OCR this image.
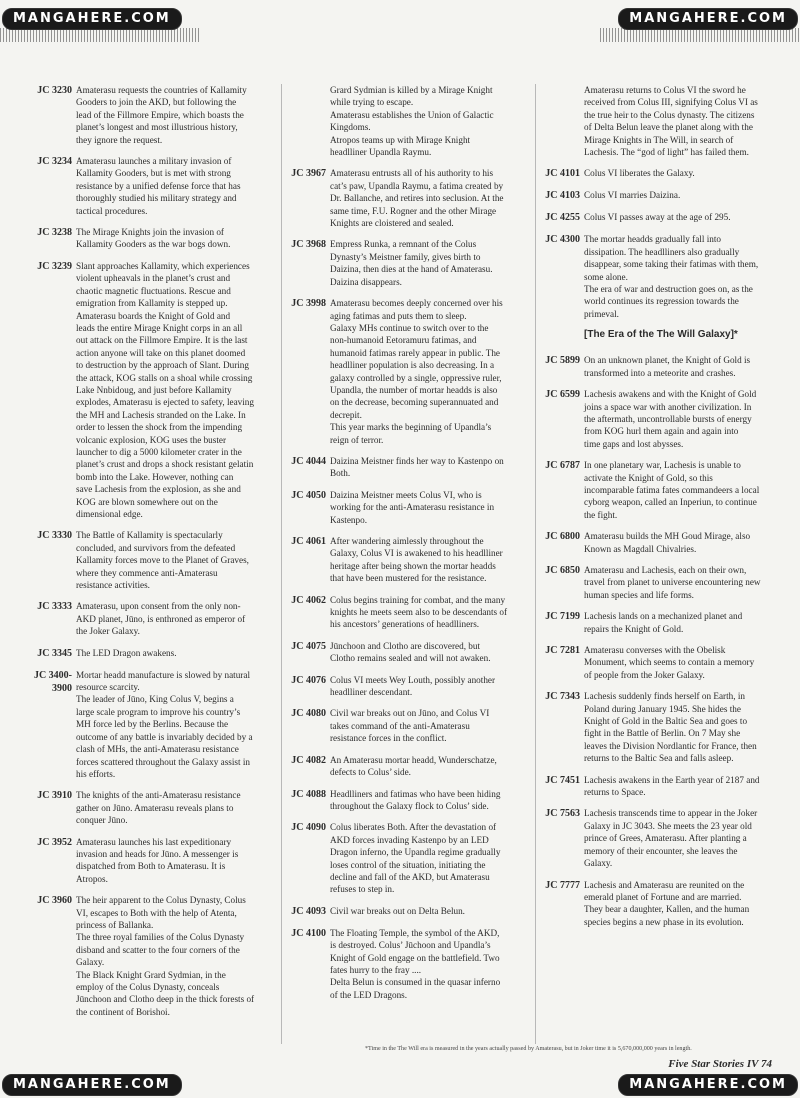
MANGAHERE.COM	MANGAHERE.COM
MANGAHERE.COM	MANGAHERE.COM
JC 3230 Amaterasu requests the countries of Kallamity
Gooders to join the AKD, but following the
lead of the Fillmore Empire, which boasts the
planet’s longest and most illustrious history,
they ignore the request.
JC 3234 Amaterasu launches a military invasion of
Kallamity Gooders, but is met with strong
resistance by a unified defense force that has
thoroughly studied his military strategy and
tactical procedures.
JC 3238 The Mirage Knights join the invasion of
Kallamity Gooders as the war bogs down.
JC 3239 Slant approaches Kallamity, which experiences
violent upheavals in the planet’s crust and
chaotic magnetic fluctuations. Rescue and
emigration from Kallamity is stepped up.
Amaterasu boards the Knight of Gold and
leads the entire Mirage Knight corps in an all
out attack on the Fillmore Empire. It is the last
action anyone will take on this planet doomed
to destruction by the approach of Slant. During
the attack, KOG stalls on a shoal while crossing
Lake Nnbidoug, and just before Kallamity
explodes, Amaterasu is ejected to safety, leaving
the MH and Lachesis stranded on the Lake. In
order to lessen the shock from the impending
volcanic explosion, KOG uses the buster
launcher to dig a 5000 kilometer crater in the
planet’s crust and drops a shock resistant gelatin
bomb into the Lake. However, nothing can
save Lachesis from the explosion, as she and
KOG are blown somewhere out on the
dimensional edge.
JC 3330 The Battle of Kallamity is spectacularly
concluded, and survivors from the defeated
Kallamity forces move to the Planet of Graves,
where they commence anti-Amaterasu
resistance activities.
JC 3333 Amaterasu, upon consent from the only non-
AKD planet, Jūno, is enthroned as emperor of
the Joker Galaxy.
JC 3345 The LED Dragon awakens.
JC 3400-
3900
Mortar headd manufacture is slowed by natural
resource scarcity.
The leader of Jūno, King Colus V, begins a
large scale program to improve his country’s
MH force led by the Berlins. Because the
outcome of any battle is invariably decided by a
clash of MHs, the anti-Amaterasu resistance
forces scattered throughout the Galaxy assist in
his efforts.
JC 3910 The knights of the anti-Amaterasu resistance
gather on Jūno. Amaterasu reveals plans to
conquer Jūno.
JC 3952 Amaterasu launches his last expeditionary
invasion and heads for Jūno. A messenger is
dispatched from Both to Amaterasu. It is
Atropos.
JC 3960 The heir apparent to the Colus Dynasty, Colus
VI, escapes to Both with the help of Atenta,
princess of Ballanka.
The three royal families of the Colus Dynasty
disband and scatter to the four corners of the
Galaxy.
The Black Knight Grard Sydmian, in the
employ of the Colus Dynasty, conceals
Jūnchoon and Clotho deep in the thick forests of
the continent of Borishoi.
Grard Sydmian is killed by a Mirage Knight
while trying to escape.
Amaterasu establishes the Union of Galactic
Kingdoms.
Atropos teams up with Mirage Knight
headlliner Upandla Raymu.
JC 3967 Amaterasu entrusts all of his authority to his
cat’s paw, Upandla Raymu, a fatima created by
Dr. Ballanche, and retires into seclusion. At the
same time, F.U. Rogner and the other Mirage
Knights are cloistered and sealed.
JC 3968 Empress Runka, a remnant of the Colus
Dynasty’s Meistner family, gives birth to
Daizina, then dies at the hand of Amaterasu.
Daizina disappears.
JC 3998 Amaterasu becomes deeply concerned over his
aging fatimas and puts them to sleep.
Galaxy MHs continue to switch over to the
non-humanoid Eetoramuru fatimas, and
humanoid fatimas rarely appear in public. The
headlliner population is also decreasing. In a
galaxy controlled by a single, oppressive ruler,
Upandla, the number of mortar headds is also
on the decrease, becoming superannuated and
decrepit.
This year marks the beginning of Upandla’s
reign of terror.
JC 4044 Daizina Meistner finds her way to Kastenpo on
Both.
JC 4050 Daizina Meistner meets Colus VI, who is
working for the anti-Amaterasu resistance in
Kastenpo.
JC 4061 After wandering aimlessly throughout the
Galaxy, Colus VI is awakened to his headlliner
heritage after being shown the mortar headds
that have been mustered for the resistance.
JC 4062 Colus begins training for combat, and the many
knights he meets seem also to be descendants of
his ancestors’ generations of headlliners.
JC 4075 Jūnchoon and Clotho are discovered, but
Clotho remains sealed and will not awaken.
JC 4076 Colus VI meets Wey Louth, possibly another
headlliner descendant.
JC 4080 Civil war breaks out on Jūno, and Colus VI
takes command of the anti-Amaterasu
resistance forces in the conflict.
JC 4082 An Amaterasu mortar headd, Wunderschatze,
defects to Colus’ side.
JC 4088 Headlliners and fatimas who have been hiding
throughout the Galaxy flock to Colus’ side.
JC 4090 Colus liberates Both. After the devastation of
AKD forces invading Kastenpo by an LED
Dragon inferno, the Upandla regime gradually
loses control of the situation, initiating the
decline and fall of the AKD, but Amaterasu
refuses to step in.
JC 4093 Civil war breaks out on Delta Belun.
JC 4100 The Floating Temple, the symbol of the AKD,
is destroyed. Colus’ Jūchoon and Upandla’s
Knight of Gold engage on the battlefield. Two
fates hurry to the fray ....
Delta Belun is consumed in the quasar inferno
of the LED Dragons.
Amaterasu returns to Colus VI the sword he
received from Colus III, signifying Colus VI as
the true heir to the Colus dynasty. The citizens
of Delta Belun leave the planet along with the
Mirage Knights in The Will, in search of
Lachesis. The “god of light” has failed them.
JC 4101 Colus VI liberates the Galaxy.
JC 4103 Colus VI marries Daizina.
JC 4255 Colus VI passes away at the age of 295.
JC 4300 The mortar headds gradually fall into
dissipation. The headlliners also gradually
disappear, some taking their fatimas with them,
some alone.
The era of war and destruction goes on, as the
world continues its regression towards the
primeval.
[The Era of the The Will Galaxy]*
JC 5899 On an unknown planet, the Knight of Gold is
transformed into a meteorite and crashes.
JC 6599 Lachesis awakens and with the Knight of Gold
joins a space war with another civilization. In
the aftermath, uncontrollable bursts of energy
from KOG hurl them again and again into
time gaps and lost abysses.
JC 6787 In one planetary war, Lachesis is unable to
activate the Knight of Gold, so this
incomparable fatima fates commandeers a local
cyborg weapon, called an Inperiun, to continue
the fight.
JC 6800 Amaterasu builds the MH Goud Mirage, also
Known as Magdall Chivalries.
JC 6850 Amaterasu and Lachesis, each on their own,
travel from planet to universe encountering new
human species and life forms.
JC 7199 Lachesis lands on a mechanized planet and
repairs the Knight of Gold.
JC 7281 Amaterasu converses with the Obelisk
Monument, which seems to contain a memory
of people from the Joker Galaxy.
JC 7343 Lachesis suddenly finds herself on Earth, in
Poland during January 1945. She hides the
Knight of Gold in the Baltic Sea and goes to
fight in the Battle of Berlin. On 7 May she
leaves the Division Nordlantic for France, then
returns to the Baltic Sea and falls asleep.
JC 7451 Lachesis awakens in the Earth year of 2187 and
returns to Space.
JC 7563 Lachesis transcends time to appear in the Joker
Galaxy in JC 3043. She meets the 23 year old
prince of Grees, Amaterasu. After planting a
memory of their encounter, she leaves the
Galaxy.
JC 7777 Lachesis and Amaterasu are reunited on the
emerald planet of Fortune and are married.
They bear a daughter, Kallen, and the human
species begins a new phase in its evolution.
*Time in the The Will era is measured in the years actually passed by Amaterasu, but in Joker time it is 5,670,000,000 years in length.
Five Star Stories IV 74
